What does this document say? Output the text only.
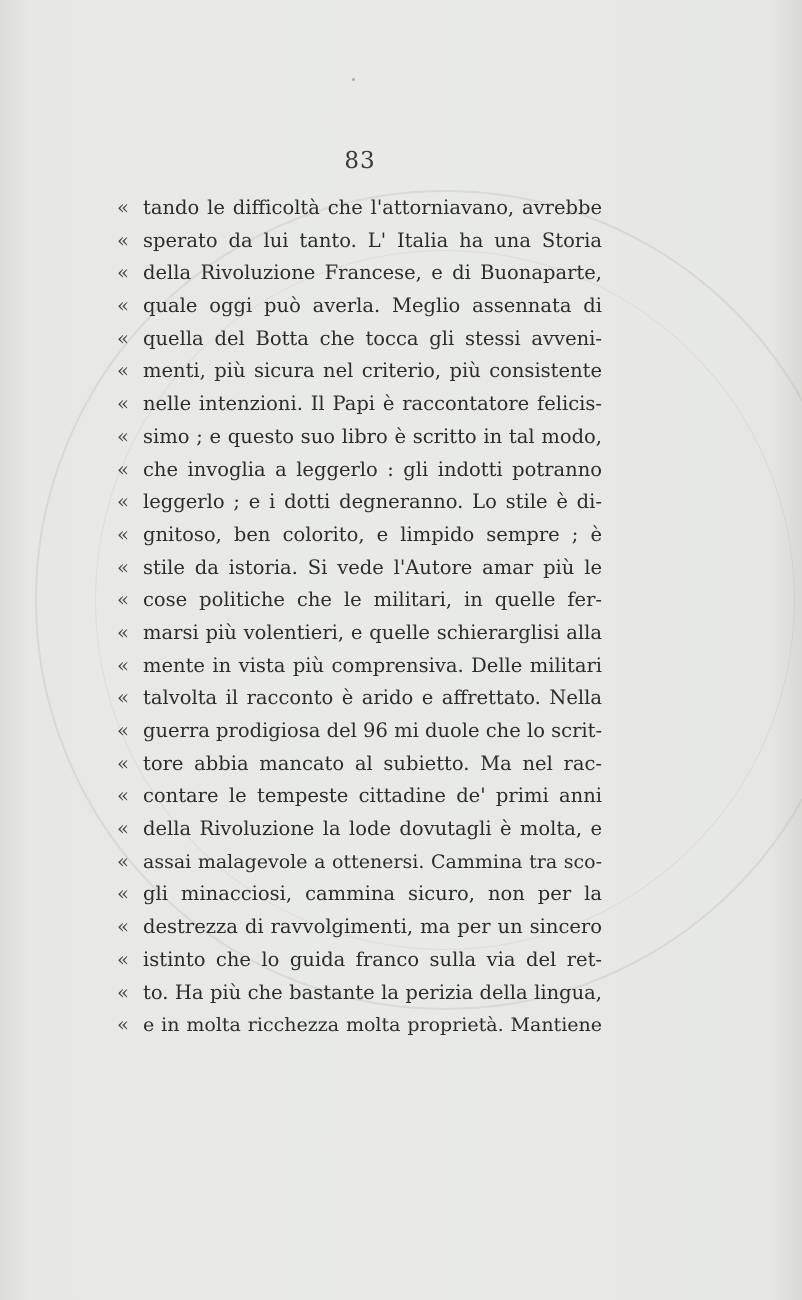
83
« tando le difficoltà che l'attorniavano, avrebbe
« sperato da lui tanto. L' Italia ha una Storia
« della Rivoluzione Francese, e di Buonaparte,
« quale oggi può averla. Meglio assennata di
« quella del Botta che tocca gli stessi avveni-
« menti, più sicura nel criterio, più consistente
« nelle intenzioni. Il Papi è raccontatore felicis-
« simo ; e questo suo libro è scritto in tal modo,
« che invoglia a leggerlo : gli indotti potranno
« leggerlo ; e i dotti degneranno. Lo stile è di-
« gnitoso, ben colorito, e limpido sempre ; è
« stile da istoria. Si vede l'Autore amar più le
« cose politiche che le militari, in quelle fer-
« marsi più volentieri, e quelle schierarglisi alla
« mente in vista più comprensiva. Delle militari
« talvolta il racconto è arido e affrettato. Nella
« guerra prodigiosa del 96 mi duole che lo scrit-
« tore abbia mancato al subietto. Ma nel rac-
« contare le tempeste cittadine de' primi anni
« della Rivoluzione la lode dovutagli è molta, e
« assai malagevole a ottenersi. Cammina tra sco-
« gli minacciosi, cammina sicuro, non per la
« destrezza di ravvolgimenti, ma per un sincero
« istinto che lo guida franco sulla via del ret-
« to. Ha più che bastante la perizia della lingua,
« e in molta ricchezza molta proprietà. Mantiene
